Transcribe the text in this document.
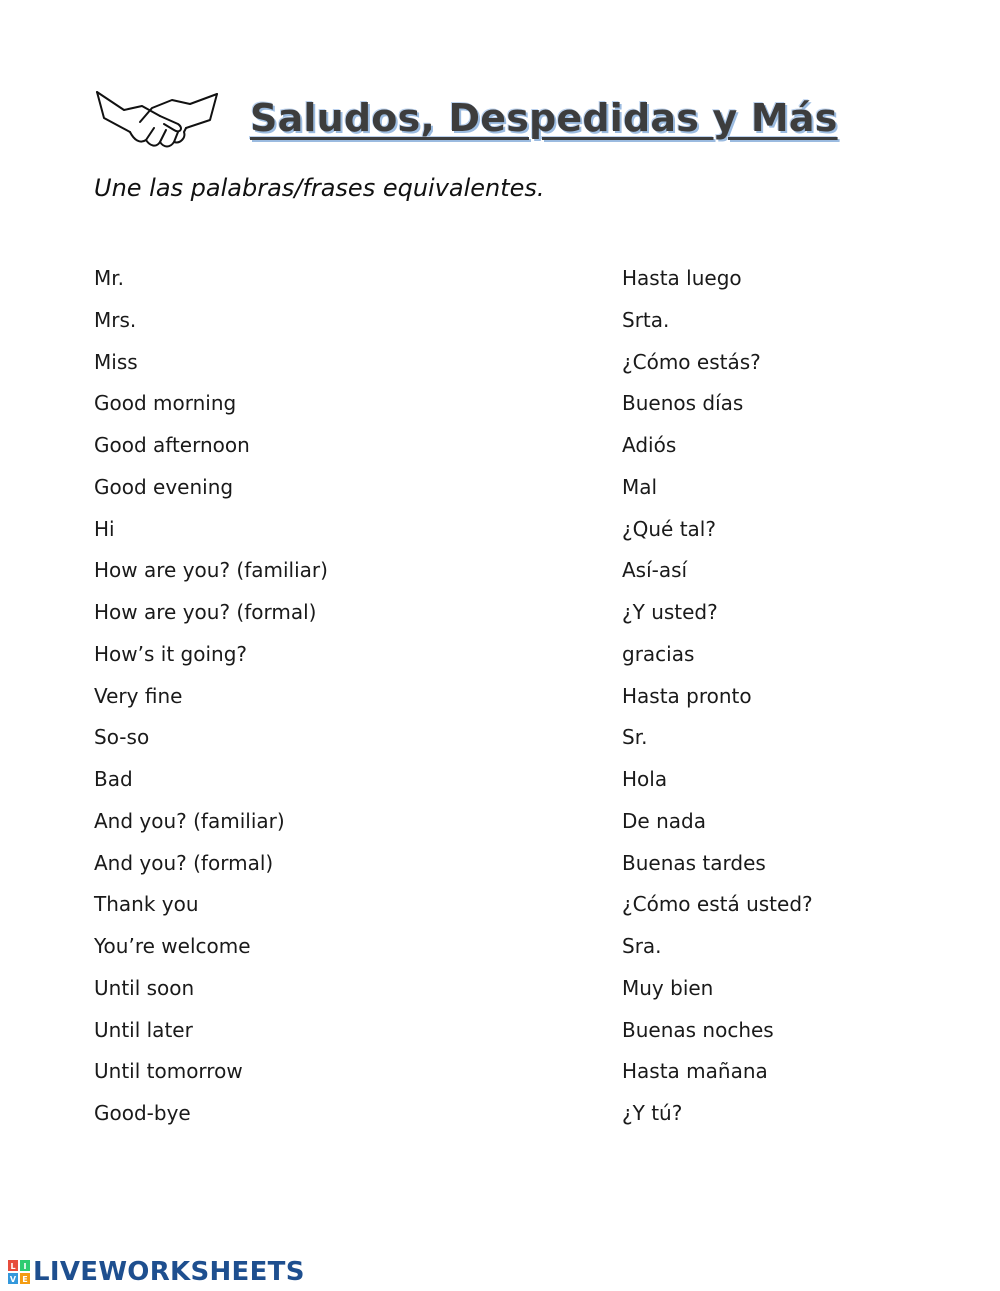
Saludos, Despedidas y Más
Une las palabras/frases equivalentes.
Mr.
Mrs.
Miss
Good morning
Good afternoon
Good evening
Hi
How are you? (familiar)
How are you? (formal)
How’s it going?
Very fine
So-so
Bad
And you? (familiar)
And you? (formal)
Thank you
You’re welcome
Until soon
Until later
Until tomorrow
Good-bye
Hasta luego
Srta.
¿Cómo estás?
Buenos días
Adiós
Mal
¿Qué tal?
Así-así
¿Y usted?
gracias
Hasta pronto
Sr.
Hola
De nada
Buenas tardes
¿Cómo está usted?
Sra.
Muy bien
Buenas noches
Hasta mañana
¿Y tú?
L I
V E LIVEWORKSHEETS
